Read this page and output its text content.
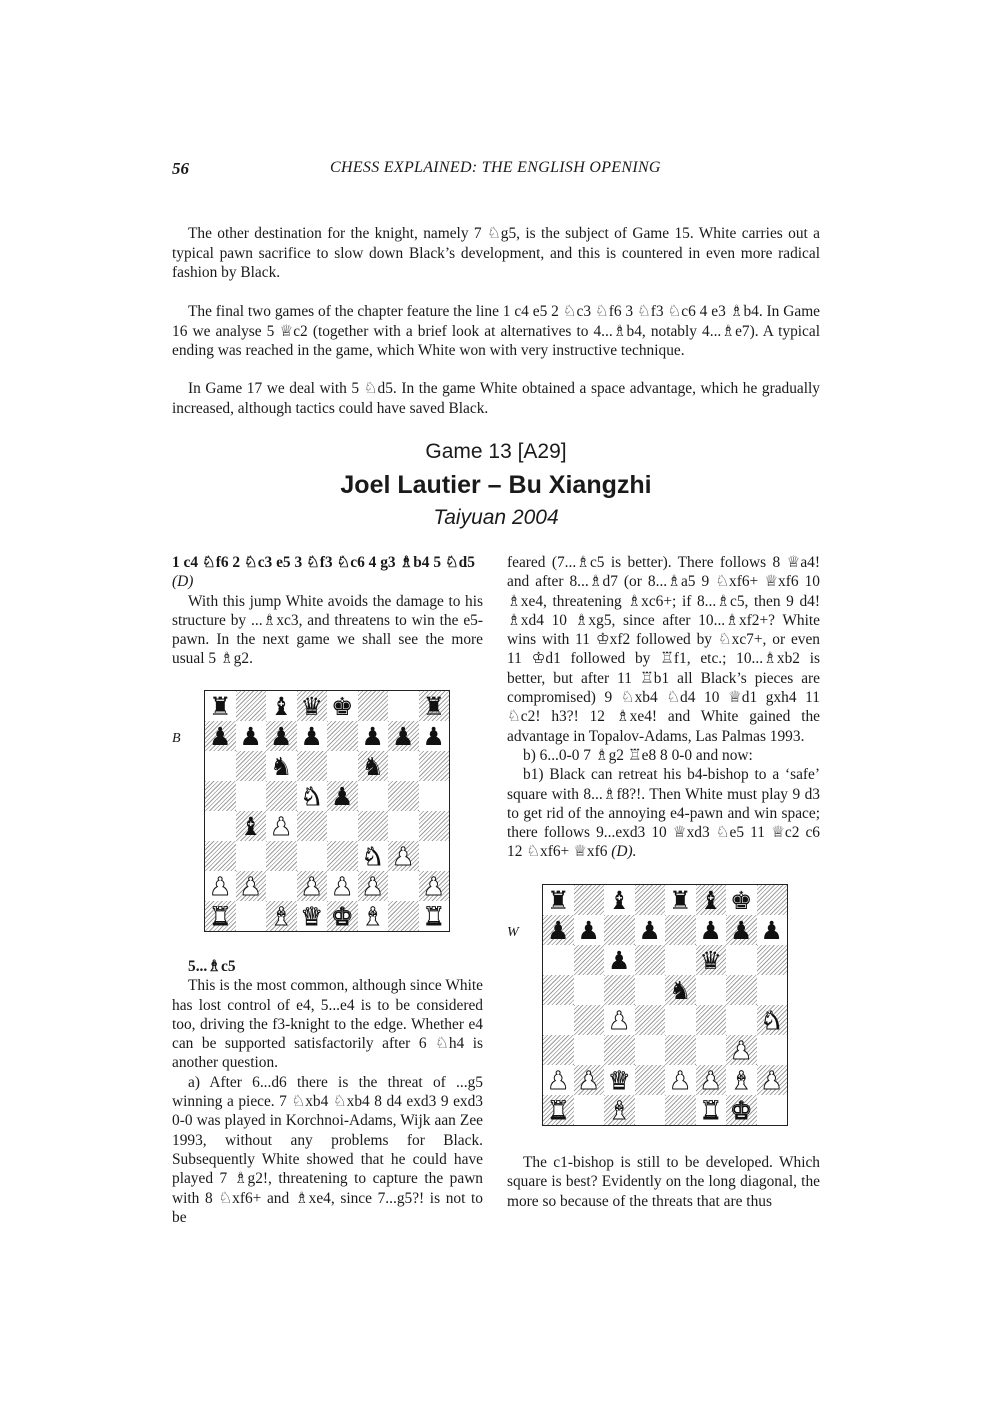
56	CHESS EXPLAINED: THE ENGLISH OPENING

The other destination for the knight, namely 7 ♘g5, is the subject of Game 15. White carries out a typical pawn sacrifice to slow down Black’s development, and this is countered in even more radical fashion by Black.

The final two games of the chapter feature the line 1 c4 e5 2 ♘c3 ♘f6 3 ♘f3 ♘c6 4 e3 ♗b4. In Game 16 we analyse 5 ♕c2 (together with a brief look at alternatives to 4...♗b4, notably 4...♗e7). A typical ending was reached in the game, which White won with very instructive technique.

In Game 17 we deal with 5 ♘d5. In the game White obtained a space advantage, which he gradually increased, although tactics could have saved Black.

Game 13 [A29]
Joel Lautier – Bu Xiangzhi
Taiyuan 2004

1 c4 ♘f6 2 ♘c3 e5 3 ♘f3 ♘c6 4 g3 ♗b4 5 ♘d5
(D)

With this jump White avoids the damage to his structure by ...♗xc3, and threatens to win the e5-pawn. In the next game we shall see the more usual 5 ♗g2.

B
♜ ♝ ♛ ♚	♜
♟ ♟ ♟ ♟ ♟ ♟ ♟
♞	♞
♞ ♟
♝ ♟
♞ ♟
♟ ♟ ♟ ♟ ♟ ♟
♜ ♝ ♛ ♚ ♝ ♜

5...♗c5

This is the most common, although since White has lost control of e4, 5...e4 is to be considered too, driving the f3-knight to the edge. Whether e4 can be supported satisfactorily after 6 ♘h4 is another question.

a) After 6...d6 there is the threat of ...g5 winning a piece. 7 ♘xb4 ♘xb4 8 d4 exd3 9 exd3 0-0 was played in Korchnoi-Adams, Wijk aan Zee 1993, without any problems for Black. Subsequently White showed that he could have played 7 ♗g2!, threatening to capture the pawn with 8 ♘xf6+ and ♗xe4, since 7...g5?! is not to be

feared (7...♗c5 is better). There follows 8 ♕a4! and after 8...♗d7 (or 8...♗a5 9 ♘xf6+ ♕xf6 10 ♗xe4, threatening ♗xc6+; if 8...♗c5, then 9 d4! ♗xd4 10 ♗xg5, since after 10...♗xf2+? White wins with 11 ♔xf2 followed by ♘xc7+, or even 11 ♔d1 followed by ♖f1, etc.; 10...♗xb2 is better, but after 11 ♖b1 all Black’s pieces are compromised) 9 ♘xb4 ♘d4 10 ♕d1 gxh4 11 ♘c2! h3?! 12 ♗xe4! and White gained the advantage in Topalov-Adams, Las Palmas 1993.

b) 6...0-0 7 ♗g2 ♖e8 8 0-0 and now:

b1) Black can retreat his b4-bishop to a ‘safe’ square with 8...♗f8?!. Then White must play 9 d3 to get rid of the annoying e4-pawn and win space; there follows 9...exd3 10 ♕xd3 ♘e5 11 ♕c2 c6 12 ♘xf6+ ♕xf6 (D).

W
♜ ♝ ♜ ♝ ♚
♟ ♟ ♟ ♟ ♟ ♟
♟	♛
♞
♟	♞
♟
♟ ♟ ♛ ♟ ♟ ♝ ♟
♜ ♝	♜ ♚

The c1-bishop is still to be developed. Which square is best? Evidently on the long diagonal, the more so because of the threats that are thus
